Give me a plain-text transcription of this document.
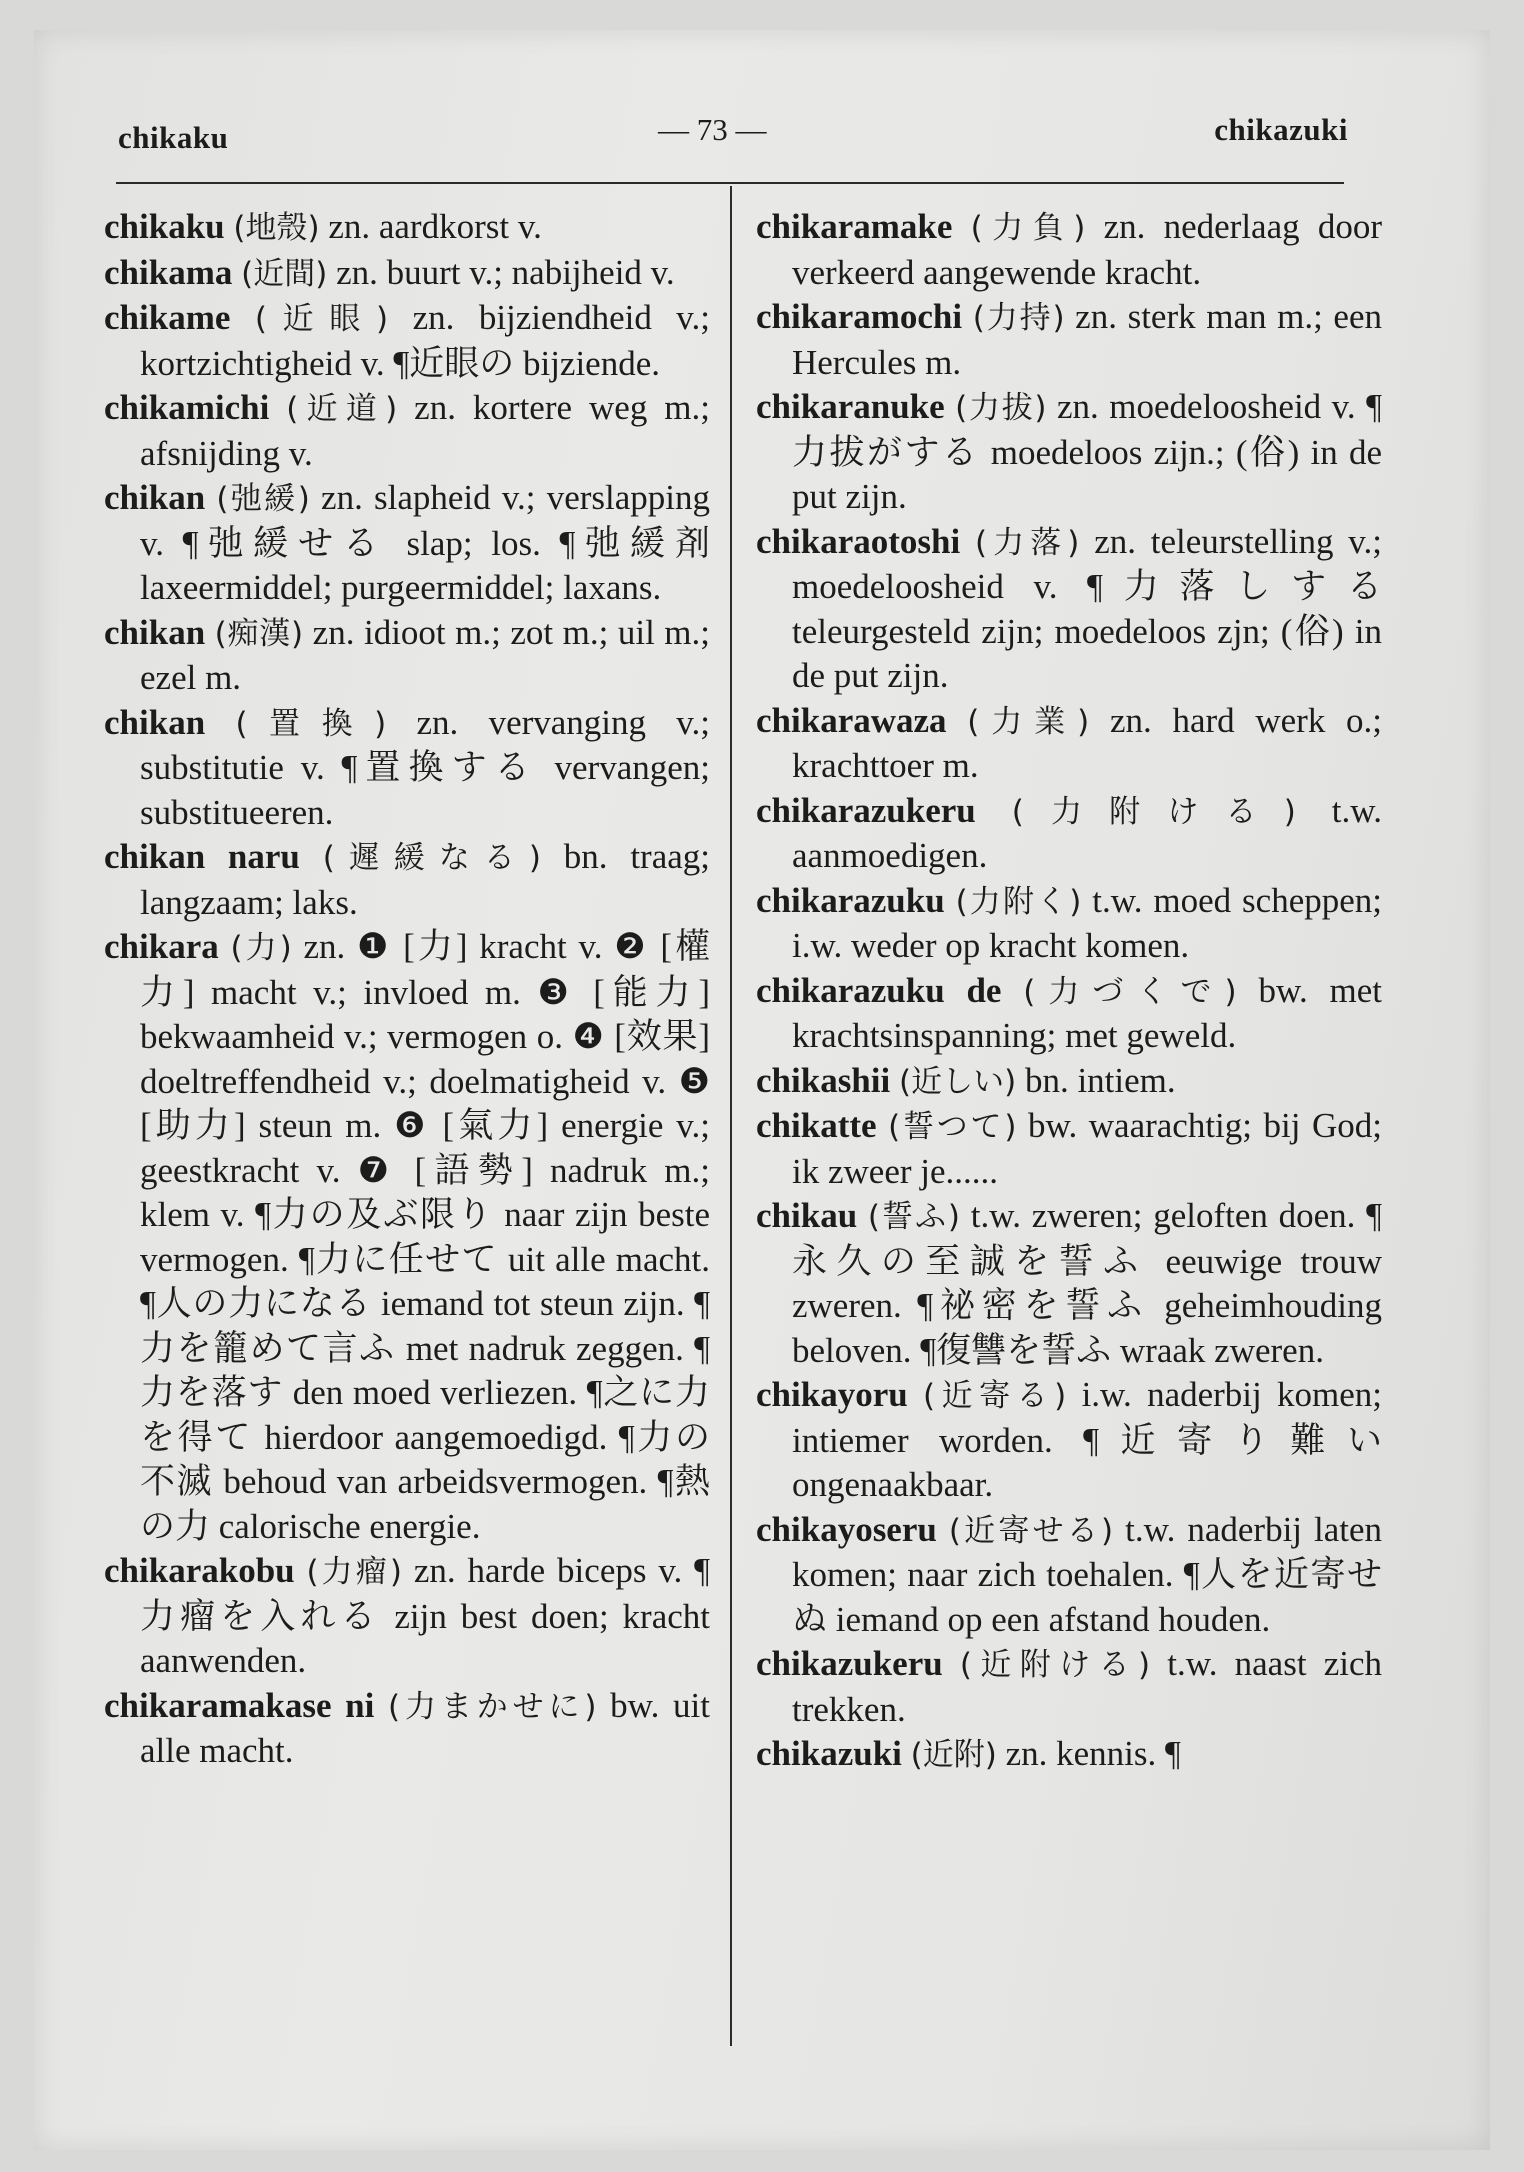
chikaku	— 73 —	chikazuki

chikaku (地殼) zn. aardkorst v.

chikama (近間) zn. buurt v.; nabijheid v.

chikame (近眼) zn. bijziendheid v.; kortzichtigheid v. ¶近眼の bijziende.

chikamichi (近道) zn. kortere weg m.; afsnijding v.

chikan (弛緩) zn. slapheid v.; verslapping v. ¶弛緩せる slap; los. ¶弛緩剤 laxeermiddel; purgeermiddel; laxans.

chikan (痴漢) zn. idioot m.; zot m.; uil m.; ezel m.

chikan (置換) zn. vervanging v.; substitutie v. ¶置換する vervangen; substitueeren.

chikan naru (遲緩なる) bn. traag; langzaam; laks.

chikara (力) zn. ❶ [力] kracht v. ❷ [權力] macht v.; invloed m. ❸ [能力] bekwaamheid v.; vermogen o. ❹ [效果] doeltreffendheid v.; doelmatigheid v. ❺ [助力] steun m. ❻ [氣力] energie v.; geestkracht v. ❼ [語勢] nadruk m.; klem v. ¶力の及ぶ限り naar zijn beste vermogen. ¶力に任せて uit alle macht. ¶人の力になる iemand tot steun zijn. ¶力を籠めて言ふ met nadruk zeggen. ¶力を落す den moed verliezen. ¶之に力を得て hierdoor aangemoedigd. ¶力の不滅 behoud van arbeidsvermogen. ¶熱の力 calorische energie.

chikarakobu (力瘤) zn. harde biceps v. ¶力瘤を入れる zijn best doen; kracht aanwenden.

chikaramakase ni (力まかせに) bw. uit alle macht.

chikaramake (力負) zn. nederlaag door verkeerd aangewende kracht.

chikaramochi (力持) zn. sterk man m.; een Hercules m.

chikaranuke (力拔) zn. moedeloosheid v. ¶力拔がする moedeloos zijn.; (俗) in de put zijn.

chikaraotoshi (力落) zn. teleurstelling v.; moedeloosheid v. ¶力落しする teleurgesteld zijn; moedeloos zjn; (俗) in de put zijn.

chikarawaza (力業) zn. hard werk o.; krachttoer m.

chikarazukeru (力附ける) t.w. aanmoedigen.

chikarazuku (力附く) t.w. moed scheppen; i.w. weder op kracht komen.

chikarazuku de (力づくで) bw. met krachtsinspanning; met geweld.

chikashii (近しい) bn. intiem.

chikatte (誓つて) bw. waarachtig; bij God; ik zweer je......

chikau (誓ふ) t.w. zweren; geloften doen. ¶永久の至誠を誓ふ eeuwige trouw zweren. ¶祕密を誓ふ geheimhouding beloven. ¶復讐を誓ふ wraak zweren.

chikayoru (近寄る) i.w. naderbij komen; intiemer worden. ¶近寄り難い ongenaakbaar.

chikayoseru (近寄せる) t.w. naderbij laten komen; naar zich toehalen. ¶人を近寄せぬ iemand op een afstand houden.

chikazukeru (近附ける) t.w. naast zich trekken.

chikazuki (近附) zn. kennis. ¶
